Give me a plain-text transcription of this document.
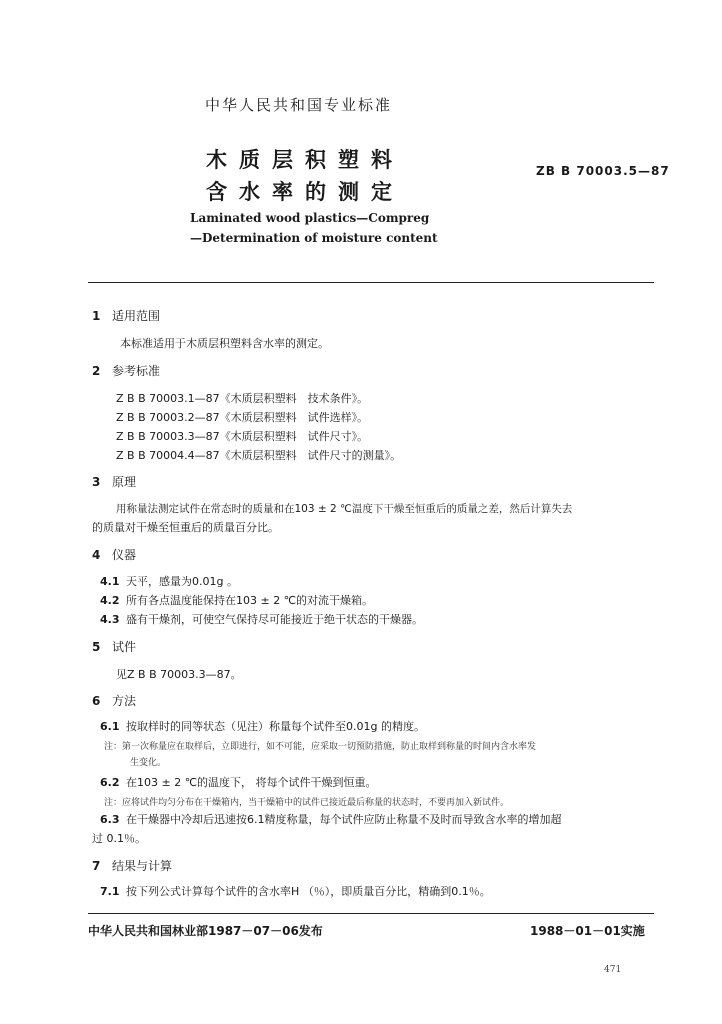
中华人民共和国专业标准
木质层积塑料
含水率的测定
ZB B 70003.5—87
Laminated wood plastics—Compreg
—Determination of moisture content
1 适用范围
本标准适用于木质层积塑料含水率的测定。
2 参考标准
Z B B 70003.1—87《木质层积塑料　技术条件》。
Z B B 70003.2—87《木质层积塑料　试件选样》。
Z B B 70003.3—87《木质层积塑料　试件尺寸》。
Z B B 70004.4—87《木质层积塑料　试件尺寸的测量》。
3 原理
用称量法测定试件在常态时的质量和在103 ± 2 ℃温度下干燥至恒重后的质量之差，然后计算失去
的质量对干燥至恒重后的质量百分比。
4 仪器
4.1 天平，感量为0.01g 。
4.2 所有各点温度能保持在103 ± 2 ℃的对流干燥箱。
4.3 盛有干燥剂，可使空气保持尽可能接近于绝干状态的干燥器。
5 试件
见Z B B 70003.3—87。
6 方法
6.1 按取样时的同等状态（见注）称量每个试件至0.01g 的精度。
注：第一次称量应在取样后，立即进行，如不可能，应采取一切预防措施，防止取样到称量的时间内含水率发
生变化。
6.2 在103 ± 2 ℃的温度下， 将每个试件干燥到恒重。
注：应将试件均匀分布在干燥箱内，当干燥箱中的试件已接近最后称量的状态时，不要再加入新试件。
6.3 在干燥器中冷却后迅速按6.1精度称量，每个试件应防止称量不及时而导致含水率的增加超
过 0.1％。
7 结果与计算
7.1 按下列公式计算每个试件的含水率H （％），即质量百分比，精确到0.1％。
中华人民共和国林业部1987－07－06发布	1988－01－01实施
471
